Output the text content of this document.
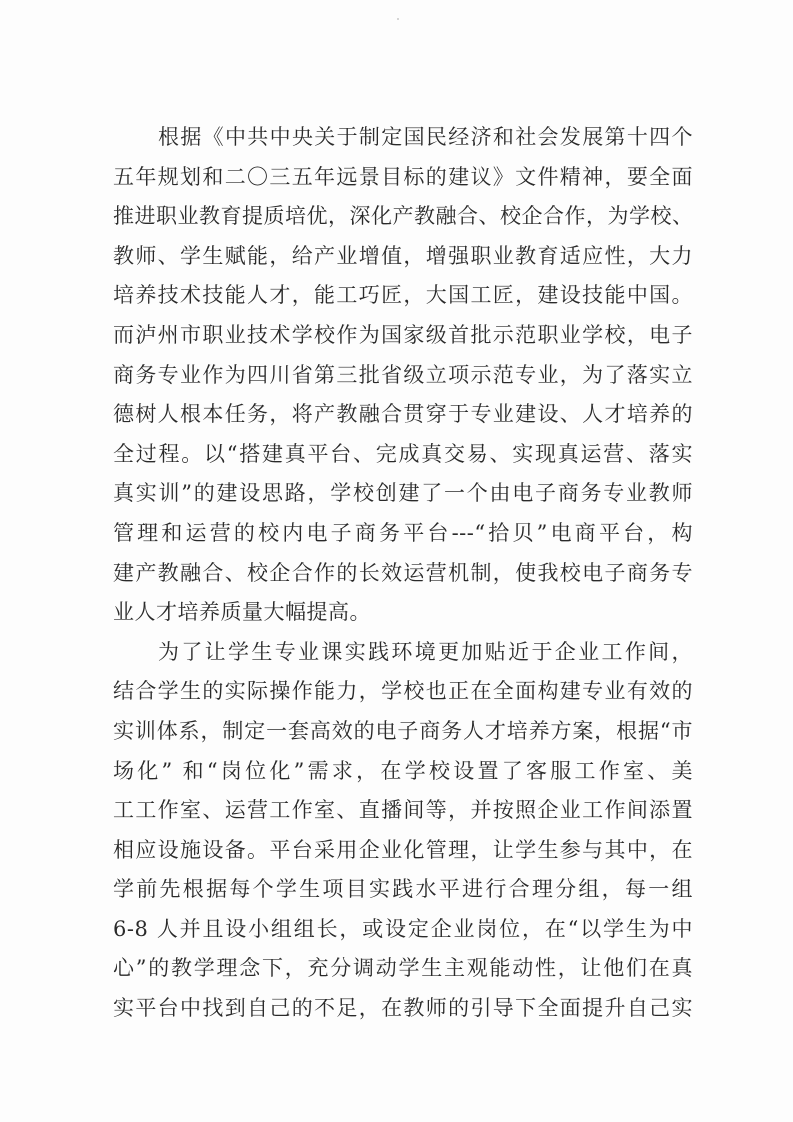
根据《中共中央关于制定国民经济和社会发展第十四个
五年规划和二〇三五年远景目标的建议》文件精神，要全面
推进职业教育提质培优，深化产教融合、校企合作，为学校、
教师、学生赋能，给产业增值，增强职业教育适应性，大力
培养技术技能人才，能工巧匠，大国工匠，建设技能中国。
而泸州市职业技术学校作为国家级首批示范职业学校，电子
商务专业作为四川省第三批省级立项示范专业，为了落实立
德树人根本任务，将产教融合贯穿于专业建设、人才培养的
全过程。以“搭建真平台、完成真交易、实现真运营、落实
真实训”的建设思路，学校创建了一个由电子商务专业教师
管理和运营的校内电子商务平台---“拾贝”电商平台，构
建产教融合、校企合作的长效运营机制，使我校电子商务专
业人才培养质量大幅提高。
为了让学生专业课实践环境更加贴近于企业工作间，
结合学生的实际操作能力，学校也正在全面构建专业有效的
实训体系，制定一套高效的电子商务人才培养方案，根据“市
场化” 和“岗位化”需求，在学校设置了客服工作室、美
工工作室、运营工作室、直播间等，并按照企业工作间添置
相应设施设备。平台采用企业化管理，让学生参与其中，在
学前先根据每个学生项目实践水平进行合理分组，每一组
6-8 人并且设小组组长，或设定企业岗位，在“以学生为中
心”的教学理念下，充分调动学生主观能动性，让他们在真
实平台中找到自己的不足，在教师的引导下全面提升自己实
